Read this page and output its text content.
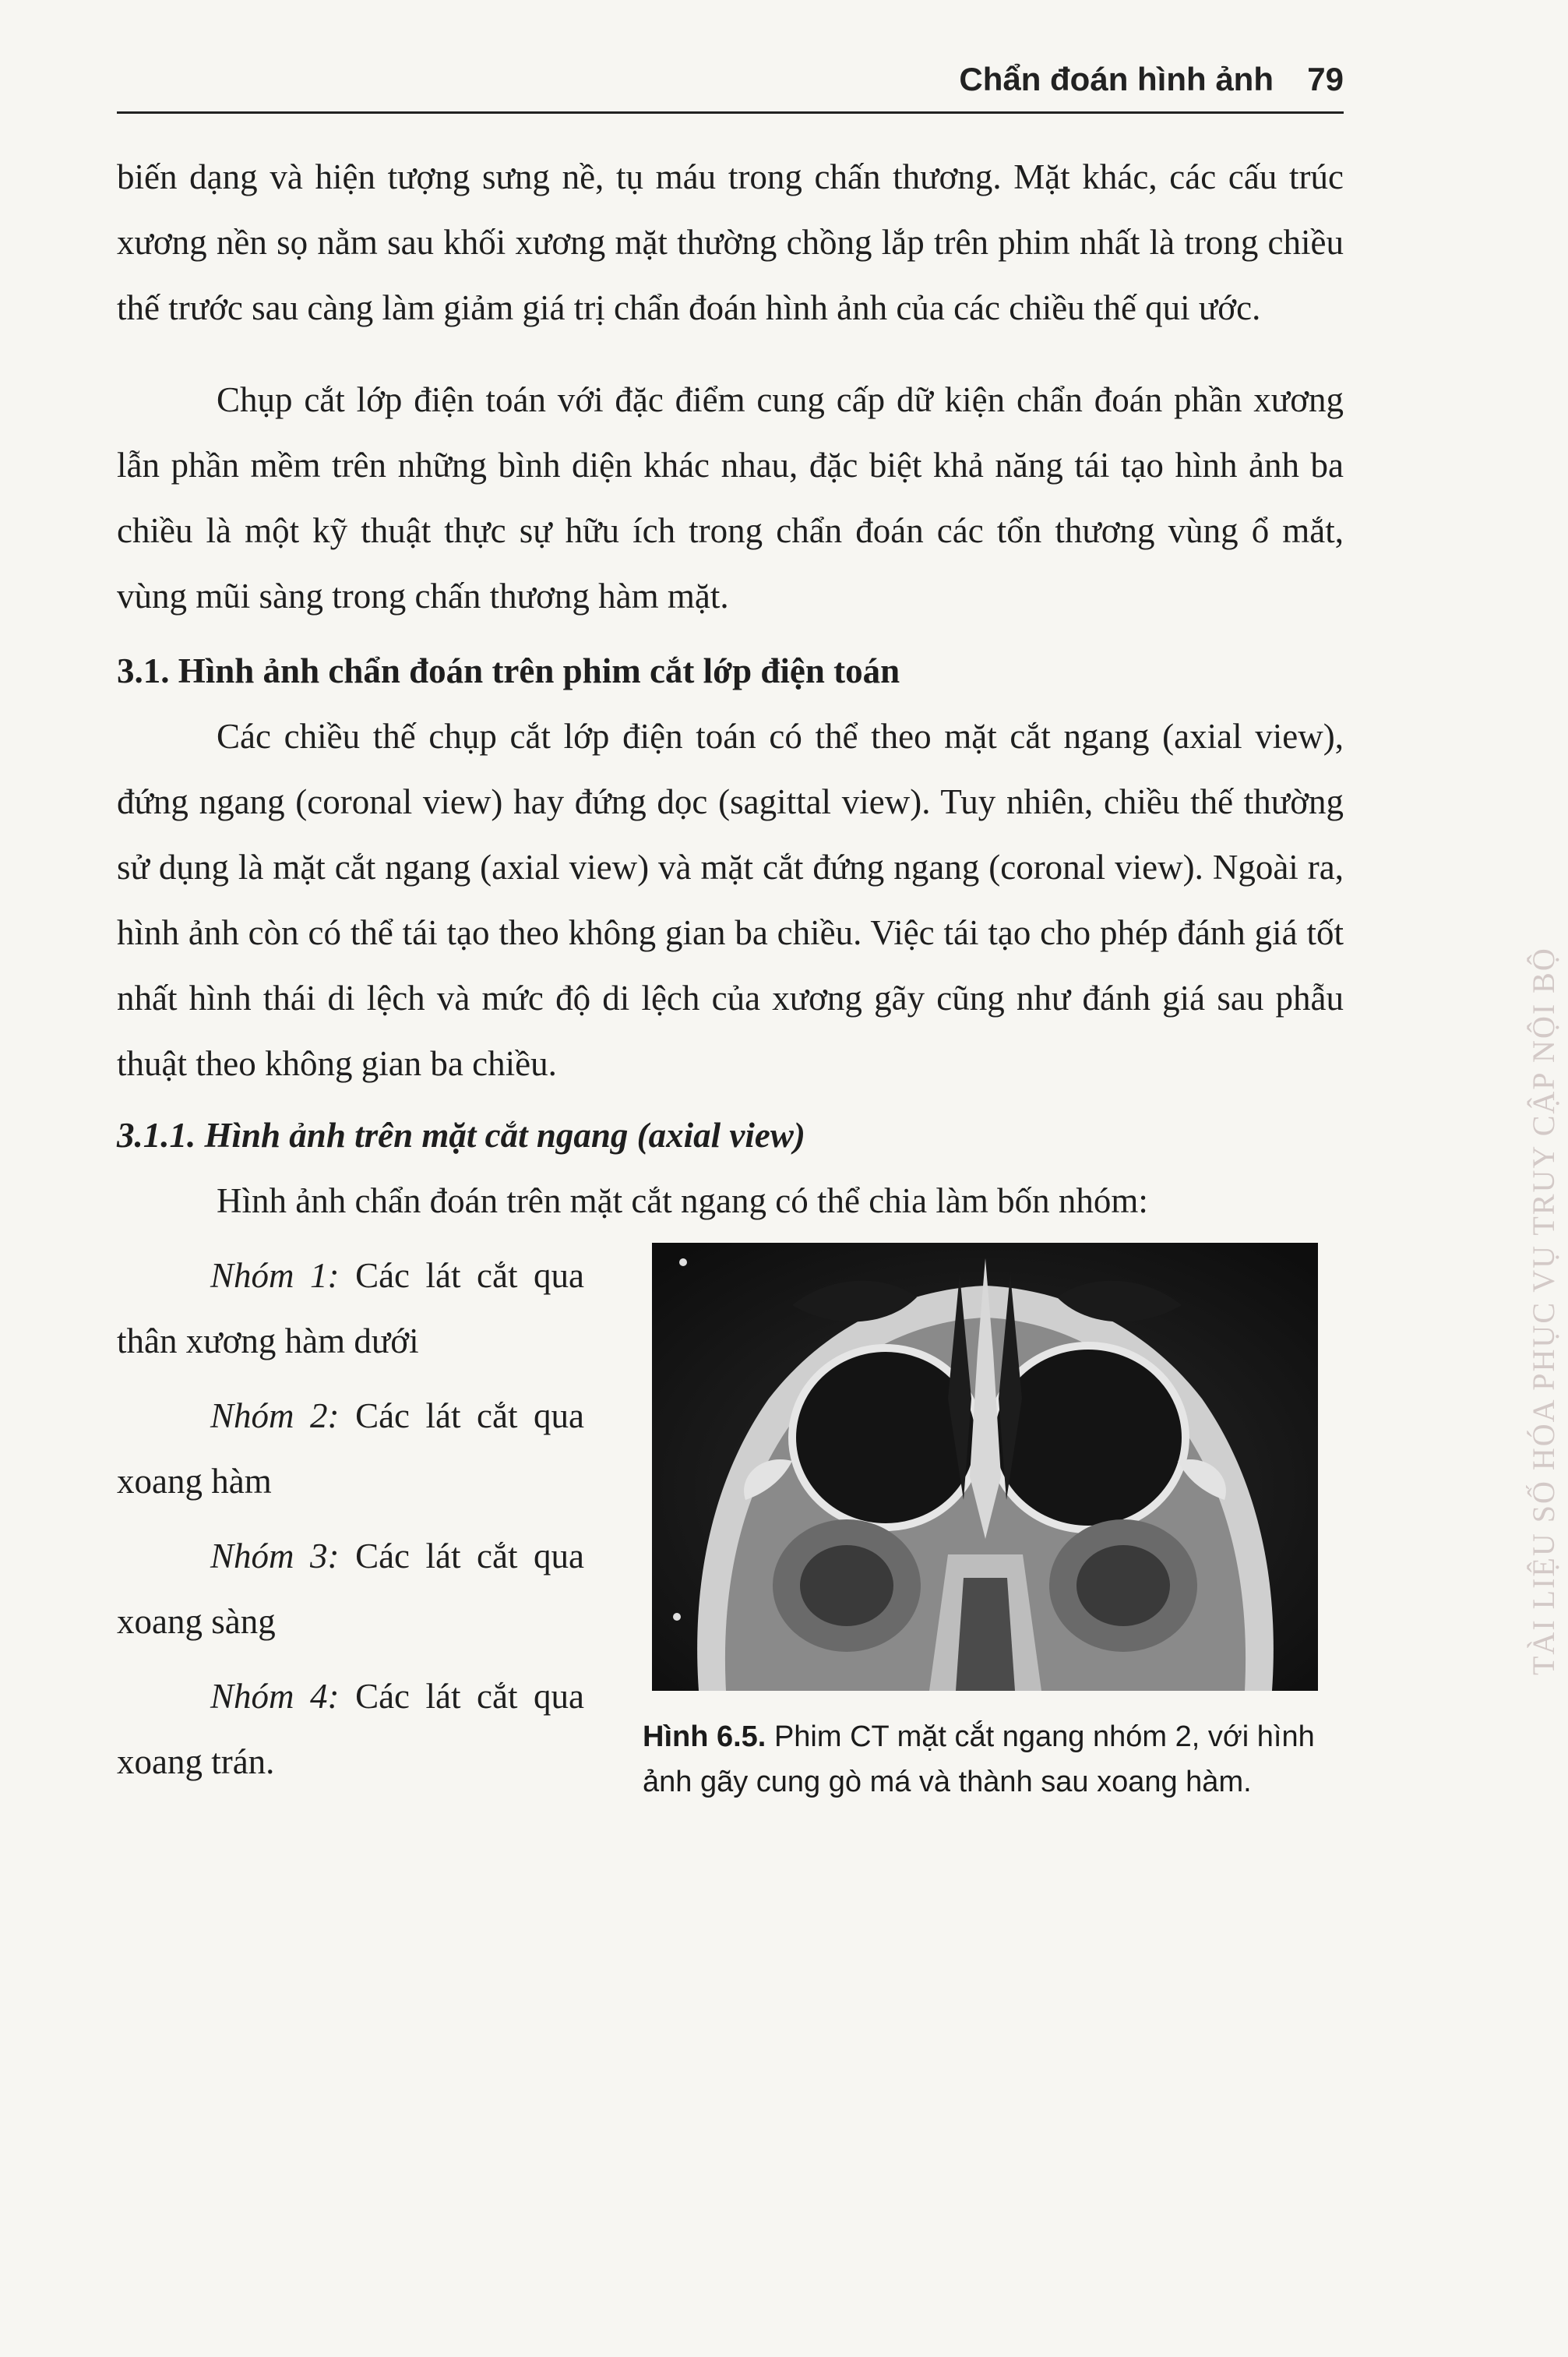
Chẩn đoán hình ảnh 79

biến dạng và hiện tượng sưng nề, tụ máu trong chấn thương. Mặt khác, các cấu trúc xương nền sọ nằm sau khối xương mặt thường chồng lắp trên phim nhất là trong chiều thế trước sau càng làm giảm giá trị chẩn đoán hình ảnh của các chiều thế qui ước.

Chụp cắt lớp điện toán với đặc điểm cung cấp dữ kiện chẩn đoán phần xương lẫn phần mềm trên những bình diện khác nhau, đặc biệt khả năng tái tạo hình ảnh ba chiều là một kỹ thuật thực sự hữu ích trong chẩn đoán các tổn thương vùng ổ mắt, vùng mũi sàng trong chấn thương hàm mặt.

3.1. Hình ảnh chẩn đoán trên phim cắt lớp điện toán

Các chiều thế chụp cắt lớp điện toán có thể theo mặt cắt ngang (axial view), đứng ngang (coronal view) hay đứng dọc (sagittal view). Tuy nhiên, chiều thế thường sử dụng là mặt cắt ngang (axial view) và mặt cắt đứng ngang (coronal view). Ngoài ra, hình ảnh còn có thể tái tạo theo không gian ba chiều. Việc tái tạo cho phép đánh giá tốt nhất hình thái di lệch và mức độ di lệch của xương gãy cũng như đánh giá sau phẫu thuật theo không gian ba chiều.

3.1.1. Hình ảnh trên mặt cắt ngang (axial view)

Hình ảnh chẩn đoán trên mặt cắt ngang có thể chia làm bốn nhóm:

Nhóm 1: Các lát cắt qua thân xương hàm dưới

Nhóm 2: Các lát cắt qua xoang hàm

Nhóm 3: Các lát cắt qua xoang sàng

Nhóm 4: Các lát cắt qua xoang trán.

Hình 6.5. Phim CT mặt cắt ngang nhóm 2, với hình ảnh gãy cung gò má và thành sau xoang hàm.
TÀI LIỆU SỐ HÓA PHỤC VỤ TRUY CẬP NỘI BỘ
